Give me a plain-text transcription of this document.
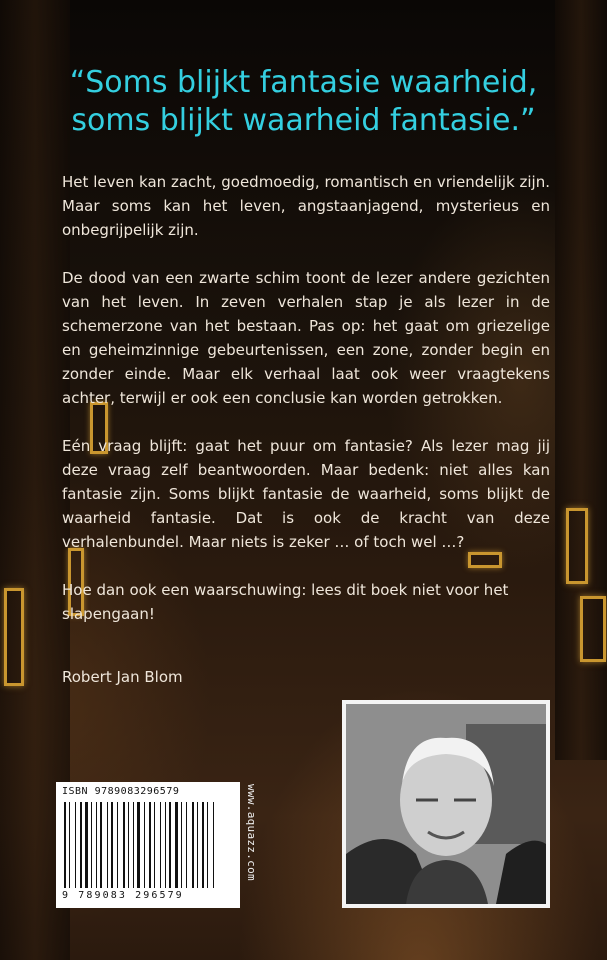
“Soms blijkt fantasie waarheid,
soms blijkt waarheid fantasie.”

Het leven kan zacht, goedmoedig, romantisch en vriendelijk zijn. Maar soms kan het leven, angstaanjagend, mysterieus en onbegrijpelijk zijn.

De dood van een zwarte schim toont de lezer andere gezichten van het leven. In zeven verhalen stap je als lezer in de schemerzone van het bestaan. Pas op: het gaat om griezelige en geheimzinnige gebeurtenissen, een zone, zonder begin en zonder einde. Maar elk verhaal laat ook weer vraagtekens achter, terwijl er ook een conclusie kan worden getrokken.

Eén vraag blijft: gaat het puur om fantasie? Als lezer mag jij deze vraag zelf beantwoorden. Maar bedenk: niet alles kan fantasie zijn. Soms blijkt fantasie de waarheid, soms blijkt de waarheid fantasie. Dat is ook de kracht van deze verhalenbundel. Maar niets is zeker … of toch wel …?

Hoe dan ook een waarschuwing: lees dit boek niet voor het slapengaan!

Robert Jan Blom
ISBN 9789083296579
9 789083 296579
www.aquazz.com
